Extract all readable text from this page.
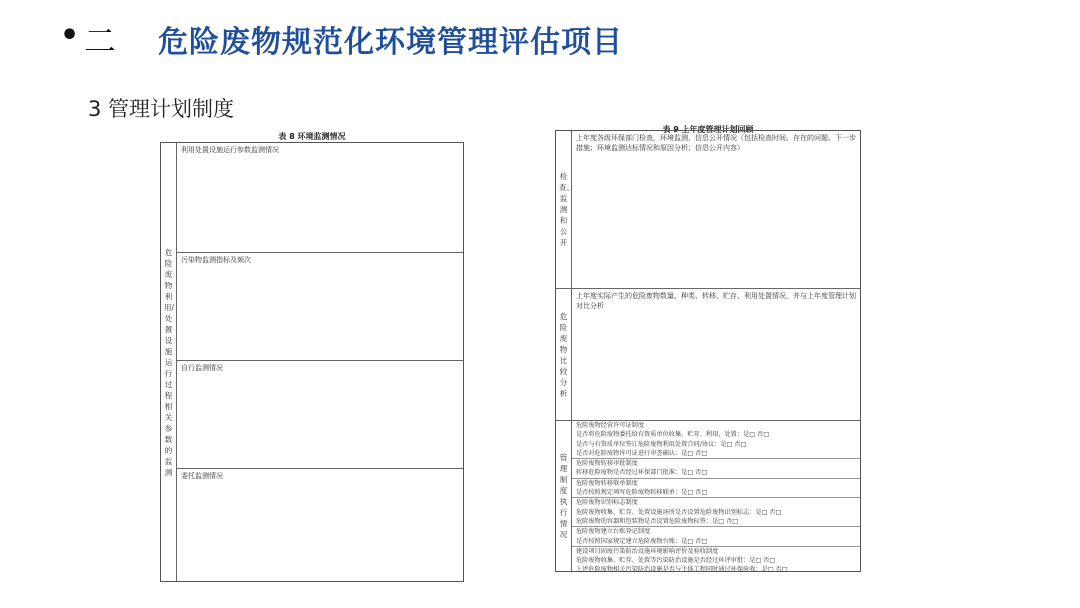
• 二 危险废物规范化环境管理评估项目
3 管理计划制度
表 8 环境监测情况
危险废物利用/处置设施运行过程相关参数的监测
利用处置设施运行参数监测情况
污染物监测指标及频次
自行监测情况
委托监测情况
表 9 上年度管理计划回顾
检查、监测和公开
上年度各级环保部门检查、环境监测、信息公开情况（包括检查时间、存在的问题、下一步措施；环境监测达标情况和原因分析；信息公开内容）
危险废物比较分析
上年度实际产生的危险废物数量、种类、转移、贮存、利用处置情况，并与上年度管理计划对比分析
管理制度执行情况
危险废物经营许可证制度
是否将危险废物委托给有资质单位收集、贮存、利用、处置：是□ 否□
是否与有资质单位签订危险废物利用处置合同/协议：是□ 否□
是否对危险废物许可证进行审查确认：是□ 否□
危险废物转移审批制度
转移危险废物是否经过环保部门批准：是□ 否□
危险废物转移联单制度
是否按照规定填写危险废物转移联单：是□ 否□
危险废物识别标志制度
危险废物收集、贮存、处置设施场所是否设置危险废物识别标志：是□ 否□
危险废物的容器和包装物是否设置危险废物标签：是□ 否□
危险废物建立台账登记制度
是否按照国家规定建立危险废物台账：是□ 否□
建设项目固废污染防治设施环境影响评价及验收制度
危险废物收集、贮存、处置等污染防治设施是否经过环评审批：是□ 否□
上述危险废物相关污染防治设施是否与主体工程同时通过环保验收：是□ 否□
